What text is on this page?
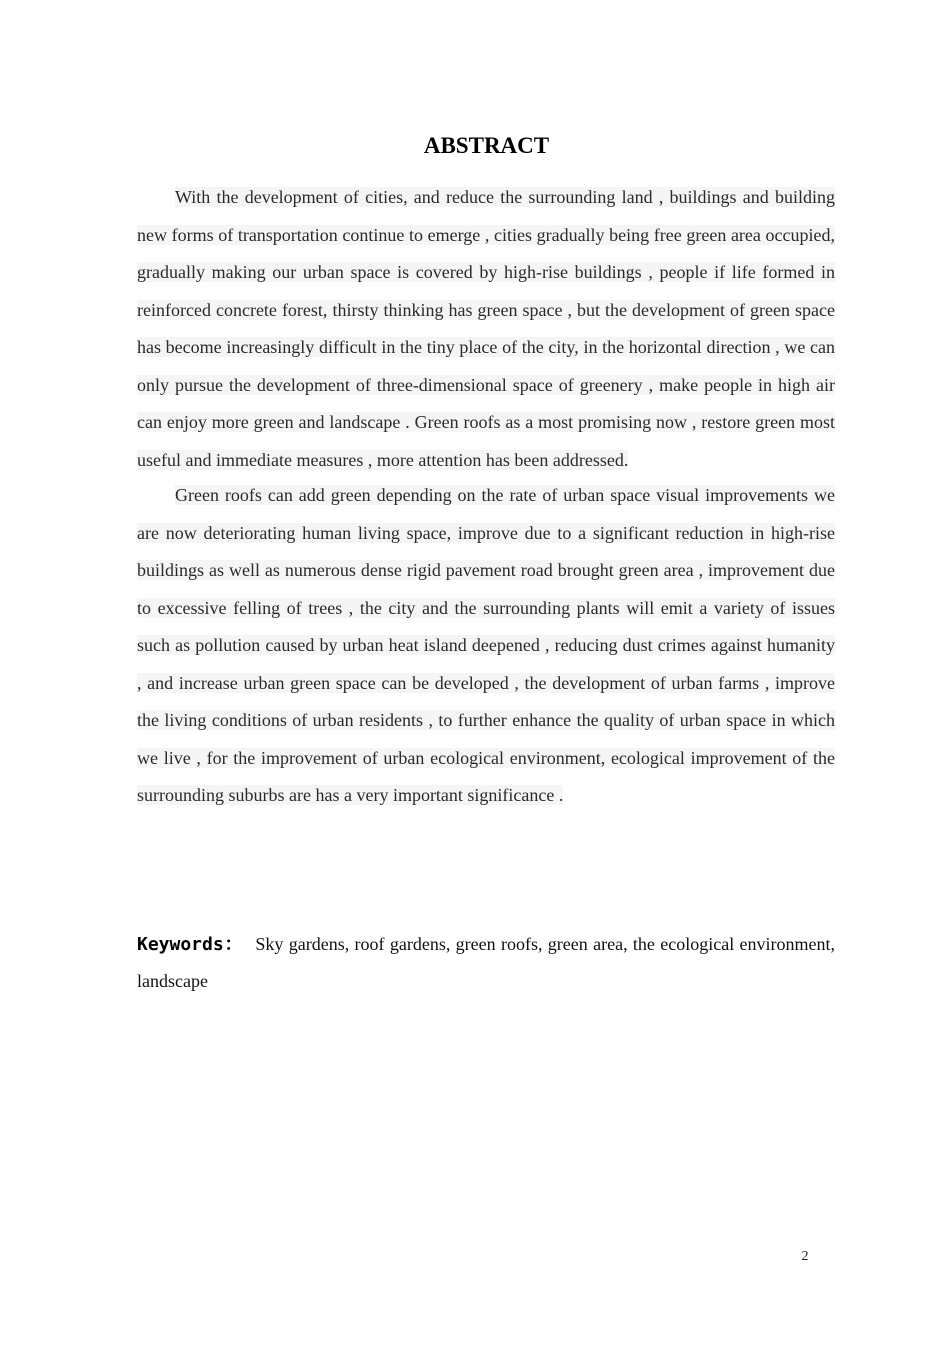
ABSTRACT

With the development of cities, and reduce the surrounding land , buildings and building new forms of transportation continue to emerge , cities gradually being free green area occupied, gradually making our urban space is covered by high-rise buildings , people if life formed in reinforced concrete forest, thirsty thinking has green space , but the development of green space has become increasingly difficult in the tiny place of the city, in the horizontal direction , we can only pursue the development of three-dimensional space of greenery , make people in high air can enjoy more green and landscape . Green roofs as a most promising now , restore green most useful and immediate measures , more attention has been addressed.

Green roofs can add green depending on the rate of urban space visual improvements we are now deteriorating human living space, improve due to a significant reduction in high-rise buildings as well as numerous dense rigid pavement road brought green area , improvement due to excessive felling of trees , the city and the surrounding plants will emit a variety of issues such as pollution caused by urban heat island deepened , reducing dust crimes against humanity , and increase urban green space can be developed , the development of urban farms , improve the living conditions of urban residents , to further enhance the quality of urban space in which we live , for the improvement of urban ecological environment, ecological improvement of the surrounding suburbs are has a very important significance .

Keywords： Sky gardens, roof gardens, green roofs, green area, the ecological environment, landscape

2
